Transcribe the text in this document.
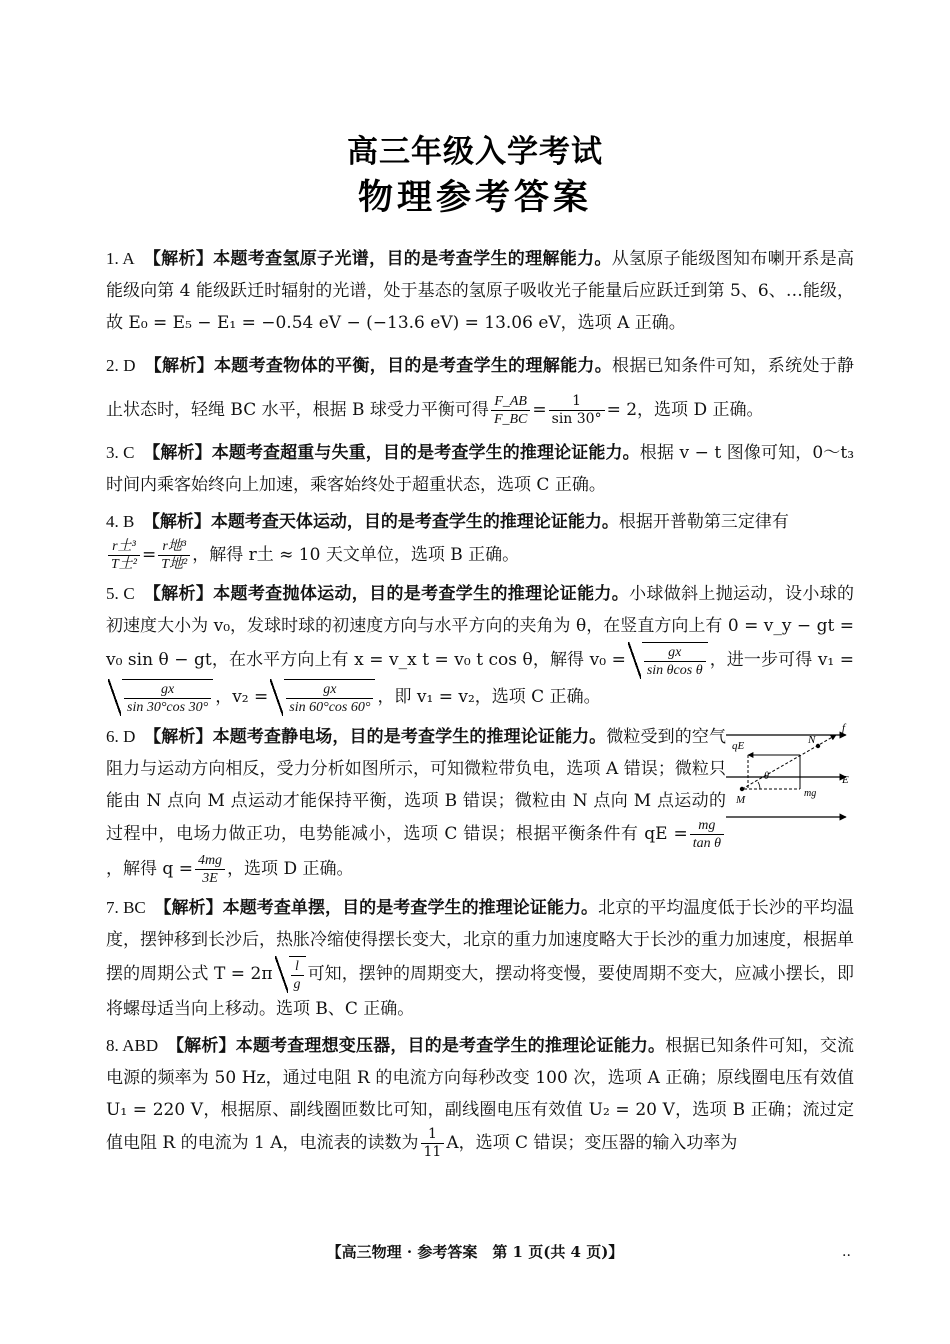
高三年级入学考试
物理参考答案

1. A　 【解析】本题考查氢原子光谱，目的是考查学生的理解能力。从氢原子能级图知布喇开系是高能级向第 4 能级跃迁时辐射的光谱，处于基态的氢原子吸收光子能量后应跃迁到第 5、6、…能级，故 E₀ = E₅ − E₁ = −0.54 eV − (−13.6 eV) = 13.06 eV，选项 A 正确。

2. D　 【解析】本题考查物体的平衡，目的是考查学生的理解能力。根据已知条件可知，系统处于静止状态时，轻绳 BC 水平，根据 B 球受力平衡可得 $\frac{F\_AB}{F\_BC} = \frac{1}{\sin 30^\circ} = 2$，选项 D 正确。

3. C　 【解析】本题考查超重与失重，目的是考查学生的推理论证能力。根据 v − t 图像可知，0～t₃ 时间内乘客始终向上加速，乘客始终处于超重状态，选项 C 正确。

4. B　 【解析】本题考查天体运动，目的是考查学生的推理论证能力。根据开普勒第三定律有

$\frac{\text{r土³}}{\text{T土²}} = \frac{\text{r地³}}{\text{T地²}}$ ，解得 r土 ≈ 10 天文单位，选项 B 正确。

5. C　 【解析】本题考查抛体运动，目的是考查学生的推理论证能力。小球做斜上抛运动，设小球的初速度大小为 v₀，发球时球的初速度方向与水平方向的夹角为 θ，在竖直方向上有 0 = v_y − gt = v₀ sin θ − gt，在水平方向上有 x = v_x t = v₀ t cos θ，解得 $v_0 = \frac{gx}{\text{sin θcos θ}}$ ，进一步可得 v₁ =
$\frac{gx}{\sin 30^\circ\cos 30^\circ}$ ，$v_2 = \frac{gx}{\sin 60^\circ\cos 60^\circ}$ ，即 v₁ = v₂，选项 C 正确。

qE	N
f
θ	E
M
mg

6. D　 【解析】本题考查静电场，目的是考查学生的推理论证能力。微粒受到的空气阻力与运动方向相反，受力分析如图所示，可知微粒带负电，选项 A 错误；微粒只能由 N 点向 M 点运动才能保持平衡，选项 B 错误；微粒由 N 点向 M 点运动的过程中，电场力做正功，电势能减小，选项 C 错误；根据平衡条件有 qE = $\frac{mg}{\text{tan θ}}$
，解得 $q = \frac{4mg}{3E}$ ，选项 D 正确。

7. BC　 【解析】本题考查单摆，目的是考查学生的推理论证能力。北京的平均温度低于长沙的平均温度，摆钟移到长沙后，热胀冷缩使得摆长变大，北京的重力加速度略大于长沙的重力加速度，根据单摆的周期公式 $T = 2\pi \frac{l}{g}$ 可知，摆钟的周期变大，摆动将变慢，要使周期不变大，应减小摆长，即将螺母适当向上移动。选项 B、C 正确。

8. ABD　 【解析】本题考查理想变压器，目的是考查学生的推理论证能力。根据已知条件可知，交流电源的频率为 50 Hz，通过电阻 R 的电流方向每秒改变 100 次，选项 A 正确；原线圈电压有效值 U₁ = 220 V，根据原、副线圈匝数比可知，副线圈电压有效值 U₂ = 20 V，选项 B 正确；流过定值电阻 R 的电流为 1 A，电流表的读数为 $\frac{1}{11}$ A，选项 C 错误；变压器的输入功率为

【高三物理 · 参考答案　第 1 页(共 4 页)】	..
